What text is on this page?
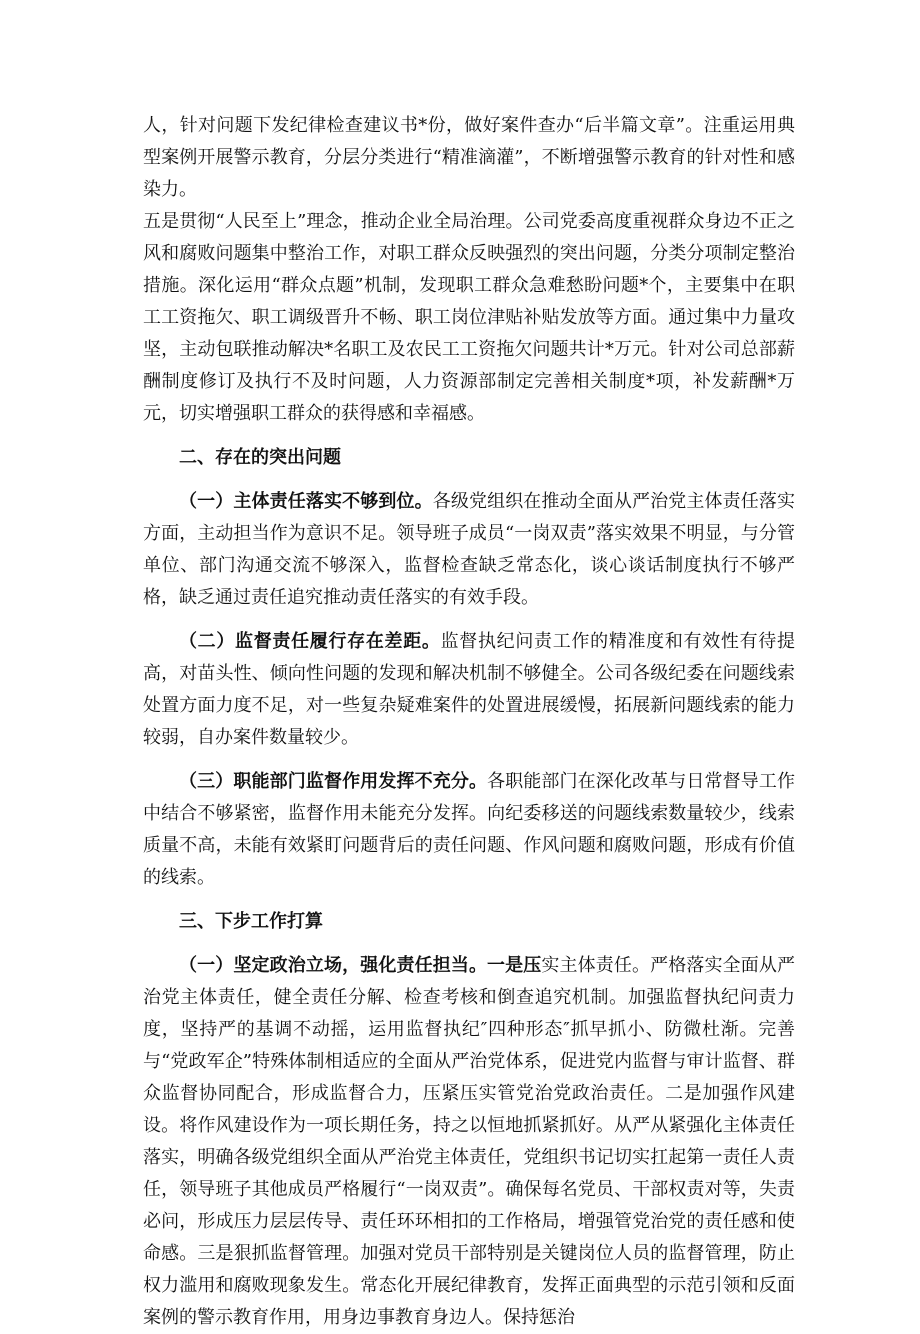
人，针对问题下发纪律检查建议书*份，做好案件查办“后半篇文章”。注重运用典型案例开展警示教育，分层分类进行“精准滴灌”，不断增强警示教育的针对性和感染力。

五是贯彻“人民至上”理念，推动企业全局治理。公司党委高度重视群众身边不正之风和腐败问题集中整治工作，对职工群众反映强烈的突出问题，分类分项制定整治措施。深化运用“群众点题”机制，发现职工群众急难愁盼问题*个，主要集中在职工工资拖欠、职工调级晋升不畅、职工岗位津贴补贴发放等方面。通过集中力量攻坚，主动包联推动解决*名职工及农民工工资拖欠问题共计*万元。针对公司总部薪酬制度修订及执行不及时问题，人力资源部制定完善相关制度*项，补发薪酬*万元，切实增强职工群众的获得感和幸福感。

二、存在的突出问题

（一）主体责任落实不够到位。各级党组织在推动全面从严治党主体责任落实方面，主动担当作为意识不足。领导班子成员“一岗双责”落实效果不明显，与分管单位、部门沟通交流不够深入，监督检查缺乏常态化，谈心谈话制度执行不够严格，缺乏通过责任追究推动责任落实的有效手段。

（二）监督责任履行存在差距。监督执纪问责工作的精准度和有效性有待提高，对苗头性、倾向性问题的发现和解决机制不够健全。公司各级纪委在问题线索处置方面力度不足，对一些复杂疑难案件的处置进展缓慢，拓展新问题线索的能力较弱，自办案件数量较少。

（三）职能部门监督作用发挥不充分。各职能部门在深化改革与日常督导工作中结合不够紧密，监督作用未能充分发挥。向纪委移送的问题线索数量较少，线索质量不高，未能有效紧盯问题背后的责任问题、作风问题和腐败问题，形成有价值的线索。

三、下步工作打算

（一）坚定政治立场，强化责任担当。一是压实主体责任。严格落实全面从严治党主体责任，健全责任分解、检查考核和倒查追究机制。加强监督执纪问责力度，坚持严的基调不动摇，运用监督执纪″四种形态″抓早抓小、防微杜渐。完善与“党政军企”特殊体制相适应的全面从严治党体系，促进党内监督与审计监督、群众监督协同配合，形成监督合力，压紧压实管党治党政治责任。二是加强作风建设。将作风建设作为一项长期任务，持之以恒地抓紧抓好。从严从紧强化主体责任落实，明确各级党组织全面从严治党主体责任，党组织书记切实扛起第一责任人责任，领导班子其他成员严格履行“一岗双责”。确保每名党员、干部权责对等，失责必问，形成压力层层传导、责任环环相扣的工作格局，增强管党治党的责任感和使命感。三是狠抓监督管理。加强对党员干部特别是关键岗位人员的监督管理，防止权力滥用和腐败现象发生。常态化开展纪律教育，发挥正面典型的示范引领和反面案例的警示教育作用，用身边事教育身边人。保持惩治
